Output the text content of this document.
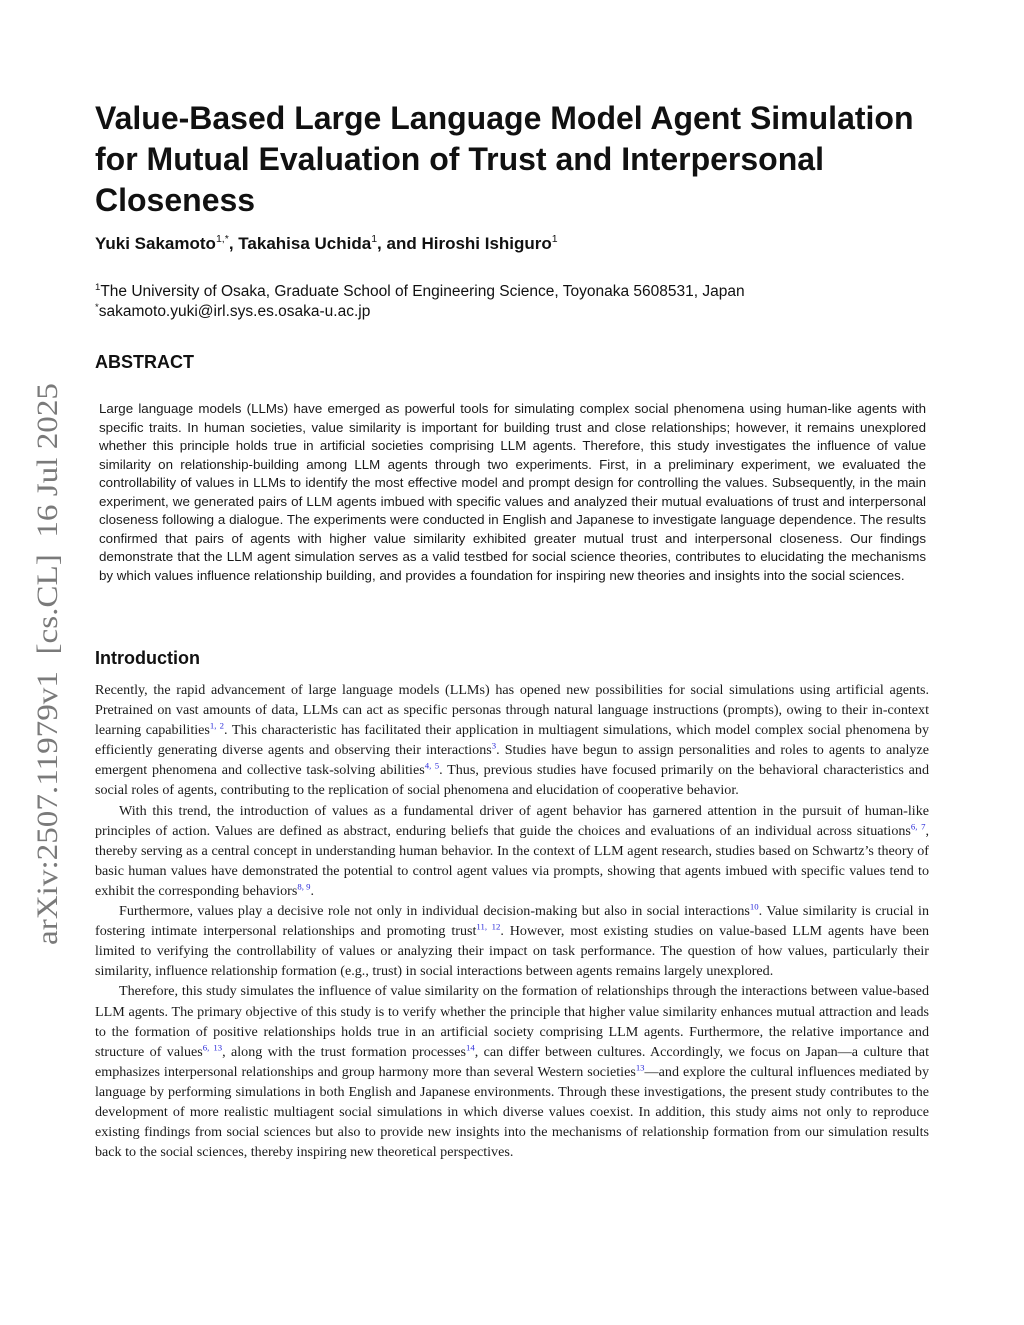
arXiv:2507.11979v1  [cs.CL]  16 Jul 2025
Value-Based Large Language Model Agent Simulation for Mutual Evaluation of Trust and Interpersonal Closeness
Yuki Sakamoto$^{1,*}$, Takahisa Uchida$^1$, and Hiroshi Ishiguro$^1$
$^1$The University of Osaka, Graduate School of Engineering Science, Toyonaka 5608531, Japan
*sakamoto.yuki@irl.sys.es.osaka-u.ac.jp
ABSTRACT

Large language models (LLMs) have emerged as powerful tools for simulating complex social phenomena using human-like agents with specific traits. In human societies, value similarity is important for building trust and close relationships; however, it remains unexplored whether this principle holds true in artificial societies comprising LLM agents. Therefore, this study investigates the influence of value similarity on relationship-building among LLM agents through two experiments. First, in a preliminary experiment, we evaluated the controllability of values in LLMs to identify the most effective model and prompt design for controlling the values. Subsequently, in the main experiment, we generated pairs of LLM agents imbued with specific values and analyzed their mutual evaluations of trust and interpersonal closeness following a dialogue. The experiments were conducted in English and Japanese to investigate language dependence. The results confirmed that pairs of agents with higher value similarity exhibited greater mutual trust and interpersonal closeness. Our findings demonstrate that the LLM agent simulation serves as a valid testbed for social science theories, contributes to elucidating the mechanisms by which values influence relationship building, and provides a foundation for inspiring new theories and insights into the social sciences.

Introduction

Recently, the rapid advancement of large language models (LLMs) has opened new possibilities for social simulations using artificial agents. Pretrained on vast amounts of data, LLMs can act as specific personas through natural language instructions (prompts), owing to their in-context learning capabilities$^{1, 2}$. This characteristic has facilitated their application in multiagent simulations, which model complex social phenomena by efficiently generating diverse agents and observing their interactions$^3$. Studies have begun to assign personalities and roles to agents to analyze emergent phenomena and collective task-solving abilities$^{4, 5}$. Thus, previous studies have focused primarily on the behavioral characteristics and social roles of agents, contributing to the replication of social phenomena and elucidation of cooperative behavior.

With this trend, the introduction of values as a fundamental driver of agent behavior has garnered attention in the pursuit of human-like principles of action. Values are defined as abstract, enduring beliefs that guide the choices and evaluations of an individual across situations$^{6, 7}$, thereby serving as a central concept in understanding human behavior. In the context of LLM agent research, studies based on Schwartz’s theory of basic human values have demonstrated the potential to control agent values via prompts, showing that agents imbued with specific values tend to exhibit the corresponding behaviors$^{8, 9}$.

Furthermore, values play a decisive role not only in individual decision-making but also in social interactions$^{10}$. Value similarity is crucial in fostering intimate interpersonal relationships and promoting trust$^{11, 12}$. However, most existing studies on value-based LLM agents have been limited to verifying the controllability of values or analyzing their impact on task performance. The question of how values, particularly their similarity, influence relationship formation (e.g., trust) in social interactions between agents remains largely unexplored.

Therefore, this study simulates the influence of value similarity on the formation of relationships through the interactions between value-based LLM agents. The primary objective of this study is to verify whether the principle that higher value similarity enhances mutual attraction and leads to the formation of positive relationships holds true in an artificial society comprising LLM agents. Furthermore, the relative importance and structure of values$^{6, 13}$, along with the trust formation processes$^{14}$, can differ between cultures. Accordingly, we focus on Japan—a culture that emphasizes interpersonal relationships and group harmony more than several Western societies$^{13}$—and explore the cultural influences mediated by language by performing simulations in both English and Japanese environments. Through these investigations, the present study contributes to the development of more realistic multiagent social simulations in which diverse values coexist. In addition, this study aims not only to reproduce existing findings from social sciences but also to provide new insights into the mechanisms of relationship formation from our simulation results back to the social sciences, thereby inspiring new theoretical perspectives.
